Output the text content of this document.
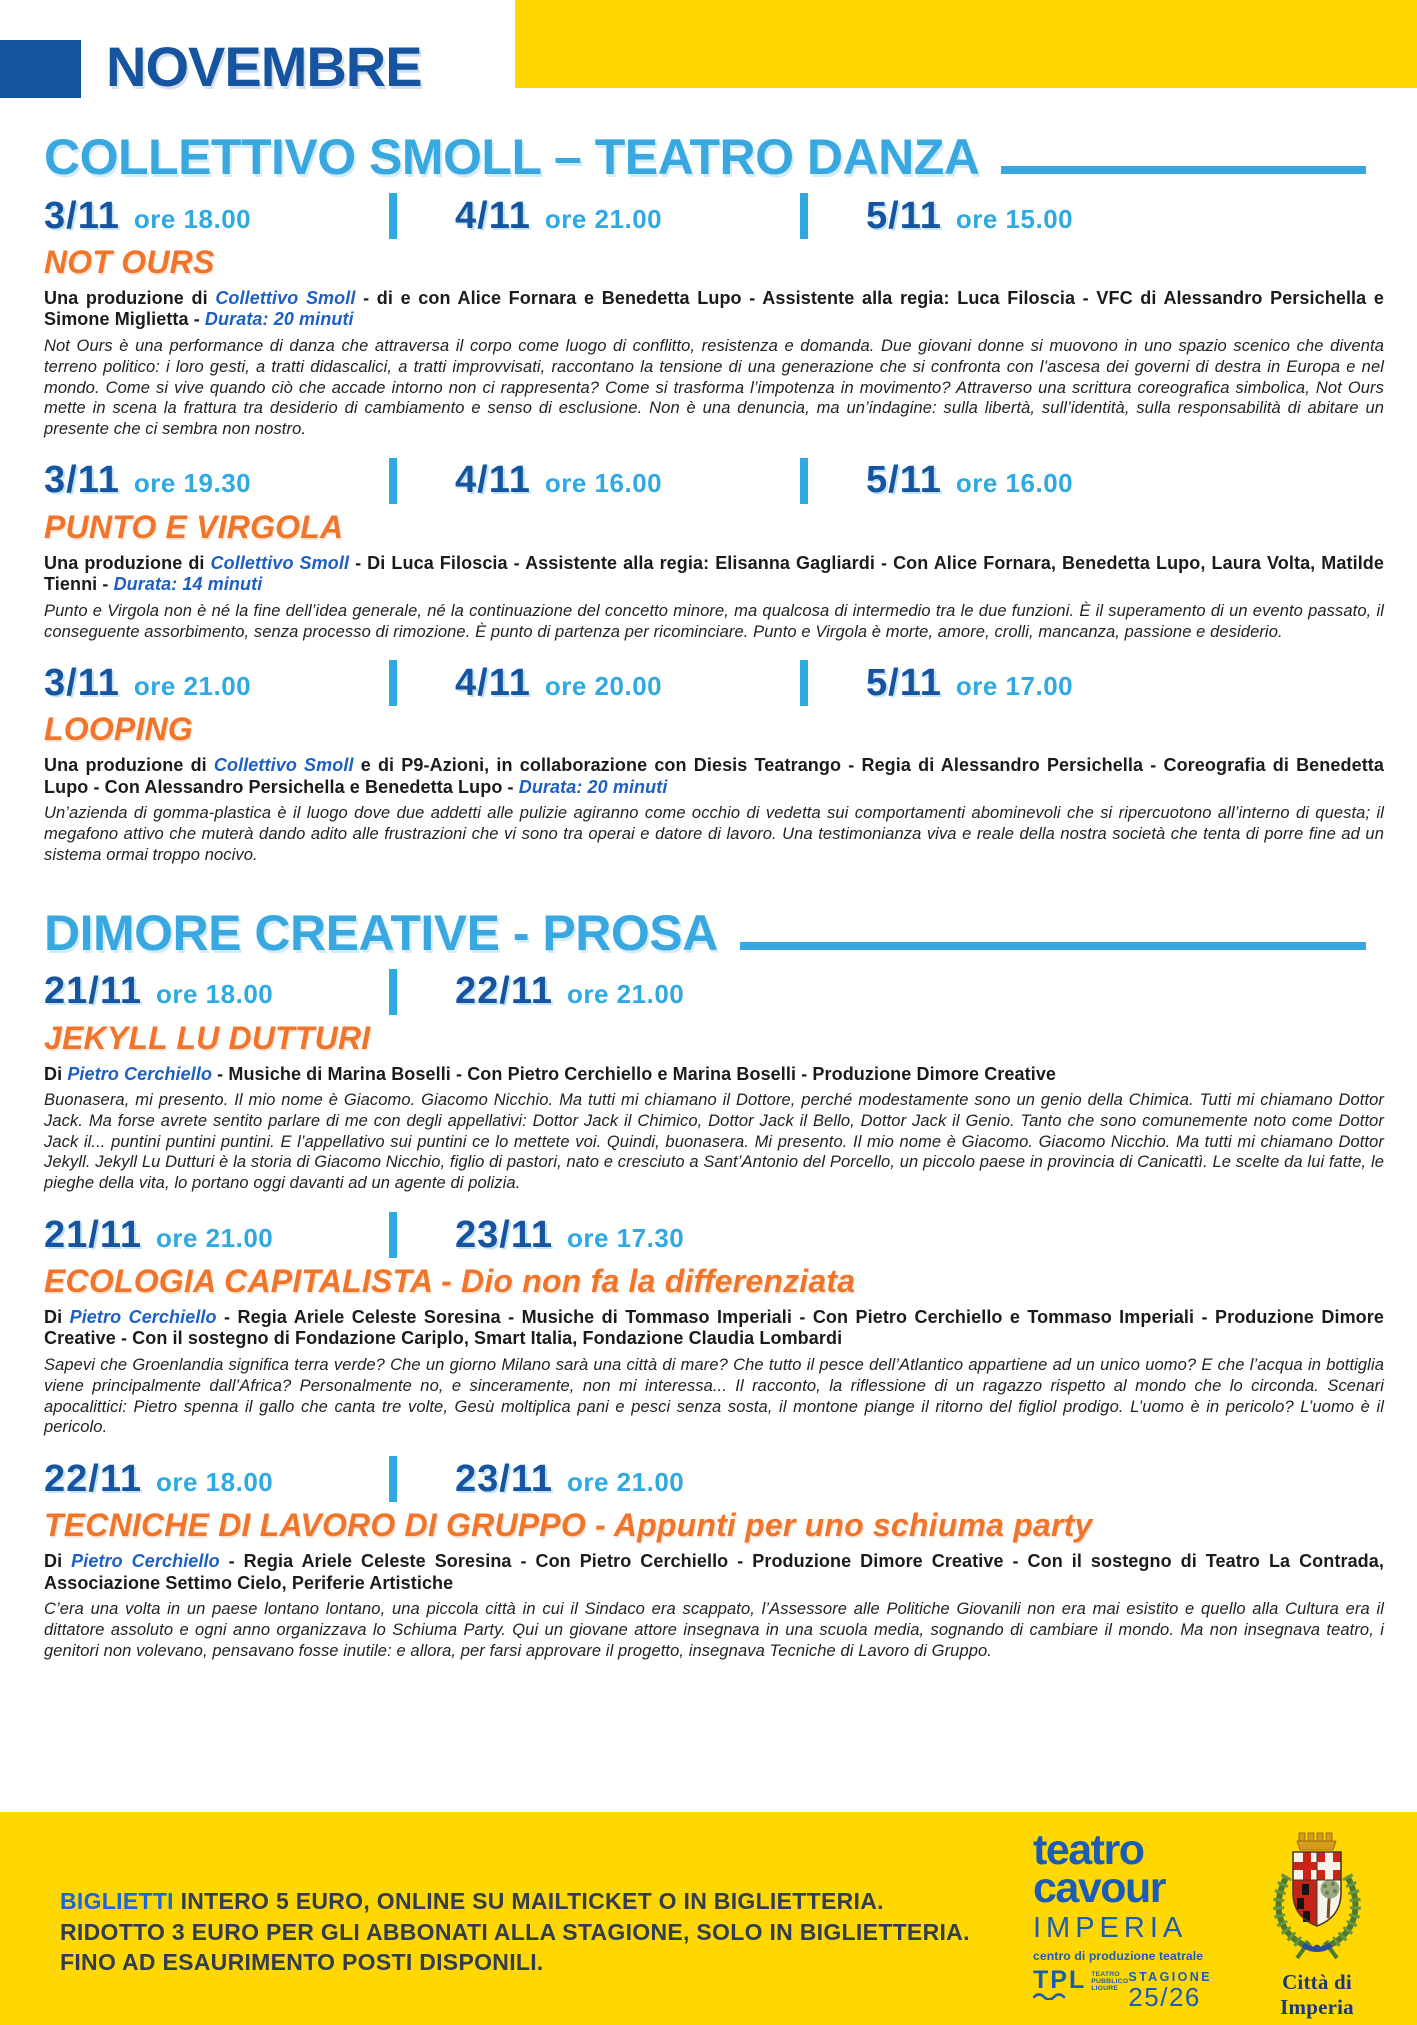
NOVEMBRE
COLLETTIVO SMOLL – TEATRO DANZA
3/11 ore 18.00	4/11 ore 21.00	5/11 ore 15.00
NOT OURS

Una produzione di Collettivo Smoll - di e con Alice Fornara e Benedetta Lupo - Assistente alla regia: Luca Filoscia - VFC di Alessandro Persichella e Simone Miglietta - Durata: 20 minuti

Not Ours è una performance di danza che attraversa il corpo come luogo di conflitto, resistenza e domanda. Due giovani donne si muovono in uno spazio scenico che diventa terreno politico: i loro gesti, a tratti didascalici, a tratti improvvisati, raccontano la tensione di una generazione che si confronta con l’ascesa dei governi di destra in Europa e nel mondo. Come si vive quando ciò che accade intorno non ci rappresenta? Come si trasforma l’impotenza in movimento? Attraverso una scrittura coreografica simbolica, Not Ours mette in scena la frattura tra desiderio di cambiamento e senso di esclusione. Non è una denuncia, ma un’indagine: sulla libertà, sull’identità, sulla responsabilità di abitare un presente che ci sembra non nostro.

3/11 ore 19.30	4/11 ore 16.00	5/11 ore 16.00
PUNTO E VIRGOLA

Una produzione di Collettivo Smoll - Di Luca Filoscia - Assistente alla regia: Elisanna Gagliardi - Con Alice Fornara, Benedetta Lupo, Laura Volta, Matilde Tienni - Durata: 14 minuti

Punto e Virgola non è né la fine dell’idea generale, né la continuazione del concetto minore, ma qualcosa di intermedio tra le due funzioni. È il superamento di un evento passato, il conseguente assorbimento, senza processo di rimozione. È punto di partenza per ricominciare. Punto e Virgola è morte, amore, crolli, mancanza, passione e desiderio.

3/11 ore 21.00	4/11 ore 20.00	5/11 ore 17.00
LOOPING

Una produzione di Collettivo Smoll e di P9-Azioni, in collaborazione con Diesis Teatrango - Regia di Alessandro Persichella - Coreografia di Benedetta Lupo - Con Alessandro Persichella e Benedetta Lupo - Durata: 20 minuti

Un’azienda di gomma-plastica è il luogo dove due addetti alle pulizie agiranno come occhio di vedetta sui comportamenti abominevoli che si ripercuotono all’interno di questa; il megafono attivo che muterà dando adito alle frustrazioni che vi sono tra operai e datore di lavoro. Una testimonianza viva e reale della nostra società che tenta di porre fine ad un sistema ormai troppo nocivo.

DIMORE CREATIVE - PROSA
21/11 ore 18.00	22/11 ore 21.00
JEKYLL LU DUTTURI

Di Pietro Cerchiello - Musiche di Marina Boselli - Con Pietro Cerchiello e Marina Boselli - Produzione Dimore Creative

Buonasera, mi presento. Il mio nome è Giacomo. Giacomo Nicchio. Ma tutti mi chiamano il Dottore, perché modestamente sono un genio della Chimica. Tutti mi chiamano Dottor Jack. Ma forse avrete sentito parlare di me con degli appellativi: Dottor Jack il Chimico, Dottor Jack il Bello, Dottor Jack il Genio. Tanto che sono comunemente noto come Dottor Jack il... puntini puntini puntini. E l’appellativo sui puntini ce lo mettete voi. Quindi, buonasera. Mi presento. Il mio nome è Giacomo. Giacomo Nicchio. Ma tutti mi chiamano Dottor Jekyll. Jekyll Lu Dutturi è la storia di Giacomo Nicchio, figlio di pastori, nato e cresciuto a Sant’Antonio del Porcello, un piccolo paese in provincia di Canicattì. Le scelte da lui fatte, le pieghe della vita, lo portano oggi davanti ad un agente di polizia.

21/11 ore 21.00	23/11 ore 17.30
ECOLOGIA CAPITALISTA - Dio non fa la differenziata

Di Pietro Cerchiello - Regia Ariele Celeste Soresina - Musiche di Tommaso Imperiali - Con Pietro Cerchiello e Tommaso Imperiali - Produzione Dimore Creative - Con il sostegno di Fondazione Cariplo, Smart Italia, Fondazione Claudia Lombardi

Sapevi che Groenlandia significa terra verde? Che un giorno Milano sarà una città di mare? Che tutto il pesce dell’Atlantico appartiene ad un unico uomo? E che l’acqua in bottiglia viene principalmente dall’Africa? Personalmente no, e sinceramente, non mi interessa... Il racconto, la riflessione di un ragazzo rispetto al mondo che lo circonda. Scenari apocalittici: Pietro spenna il gallo che canta tre volte, Gesù moltiplica pani e pesci senza sosta, il montone piange il ritorno del figliol prodigo. L’uomo è in pericolo? L’uomo è il pericolo.

22/11 ore 18.00	23/11 ore 21.00
TECNICHE DI LAVORO DI GRUPPO - Appunti per uno schiuma party

Di Pietro Cerchiello - Regia Ariele Celeste Soresina - Con Pietro Cerchiello - Produzione Dimore Creative - Con il sostegno di Teatro La Contrada, Associazione Settimo Cielo, Periferie Artistiche

C’era una volta in un paese lontano lontano, una piccola città in cui il Sindaco era scappato, l’Assessore alle Politiche Giovanili non era mai esistito e quello alla Cultura era il dittatore assoluto e ogni anno organizzava lo Schiuma Party. Qui un giovane attore insegnava in una scuola media, sognando di cambiare il mondo. Ma non insegnava teatro, i genitori non volevano, pensavano fosse inutile: e allora, per farsi approvare il progetto, insegnava Tecniche di Lavoro di Gruppo.

BIGLIETTI INTERO 5 EURO, ONLINE SU MAILTICKET O IN BIGLIETTERIA.
RIDOTTO 3 EURO PER GLI ABBONATI ALLA STAGIONE, SOLO IN BIGLIETTERIA.
FINO AD ESAURIMENTO POSTI DISPONILI.

teatro

cavour

IMPERIA
centro di produzione teatrale
TPL TEATRO
PUBBLICO
LIGURE
STAGIONE
25/26	Città di Imperia
